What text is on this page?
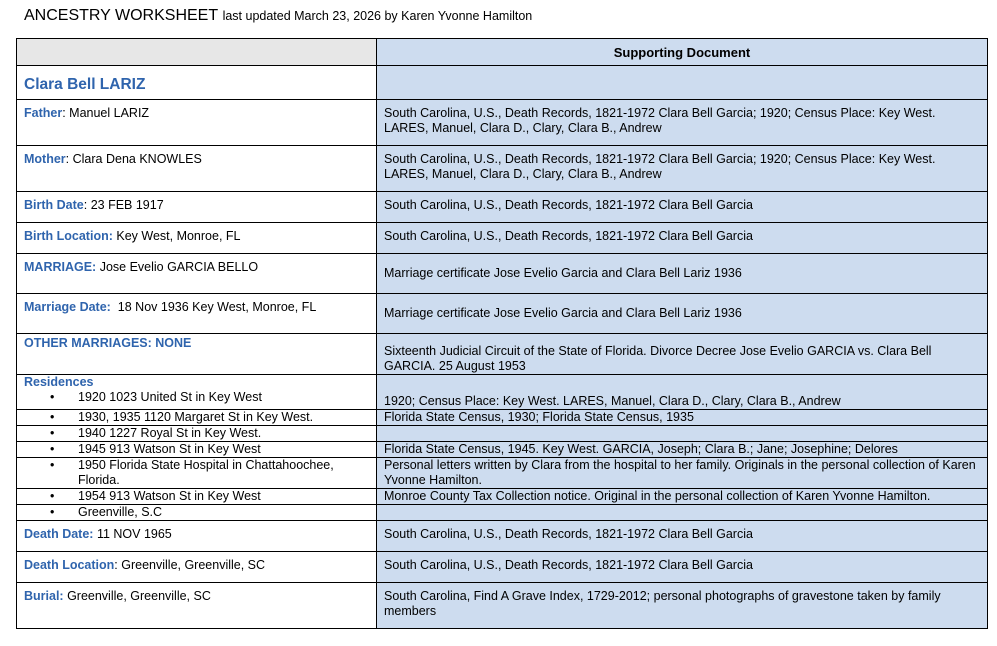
ANCESTRY WORKSHEET last updated March 23, 2026 by Karen Yvonne Hamilton
	Supporting Document
Clara Bell LARIZ	
Father: Manuel LARIZ	South Carolina, U.S., Death Records, 1821-1972 Clara Bell Garcia; 1920; Census Place: Key West. LARES, Manuel, Clara D., Clary, Clara B., Andrew
Mother: Clara Dena KNOWLES	South Carolina, U.S., Death Records, 1821-1972 Clara Bell Garcia; 1920; Census Place: Key West. LARES, Manuel, Clara D., Clary, Clara B., Andrew
Birth Date: 23 FEB 1917	South Carolina, U.S., Death Records, 1821-1972 Clara Bell Garcia
Birth Location: Key West, Monroe, FL	South Carolina, U.S., Death Records, 1821-1972 Clara Bell Garcia
MARRIAGE: Jose Evelio GARCIA BELLO	Marriage certificate Jose Evelio Garcia and Clara Bell Lariz 1936
Marriage Date:  18 Nov 1936 Key West, Monroe, FL	Marriage certificate Jose Evelio Garcia and Clara Bell Lariz 1936
OTHER MARRIAGES: NONE	Sixteenth Judicial Circuit of the State of Florida. Divorce Decree Jose Evelio GARCIA vs. Clara Bell GARCIA. 25 August 1953
Residences	

• 1920 1023 United St in Key West	1920; Census Place: Key West. LARES, Manuel, Clara D., Clary, Clara B., Andrew

• 1930, 1935 1120 Margaret St in Key West.	Florida State Census, 1930; Florida State Census, 1935

• 1940 1227 Royal St in Key West.

• 1945 913 Watson St in Key West	Florida State Census, 1945. Key West. GARCIA, Joseph; Clara B.; Jane; Josephine; Delores

• 1950 Florida State Hospital in Chattahoochee, Florida.	Personal letters written by Clara from the hospital to her family. Originals in the personal collection of Karen Yvonne Hamilton.

• 1954 913 Watson St in Key West	Monroe County Tax Collection notice. Original in the personal collection of Karen Yvonne Hamilton.

• Greenville, S.C

Death Date: 11 NOV 1965	South Carolina, U.S., Death Records, 1821-1972 Clara Bell Garcia
Death Location: Greenville, Greenville, SC	South Carolina, U.S., Death Records, 1821-1972 Clara Bell Garcia
Burial: Greenville, Greenville, SC	South Carolina, Find A Grave Index, 1729-2012; personal photographs of gravestone taken by family members
